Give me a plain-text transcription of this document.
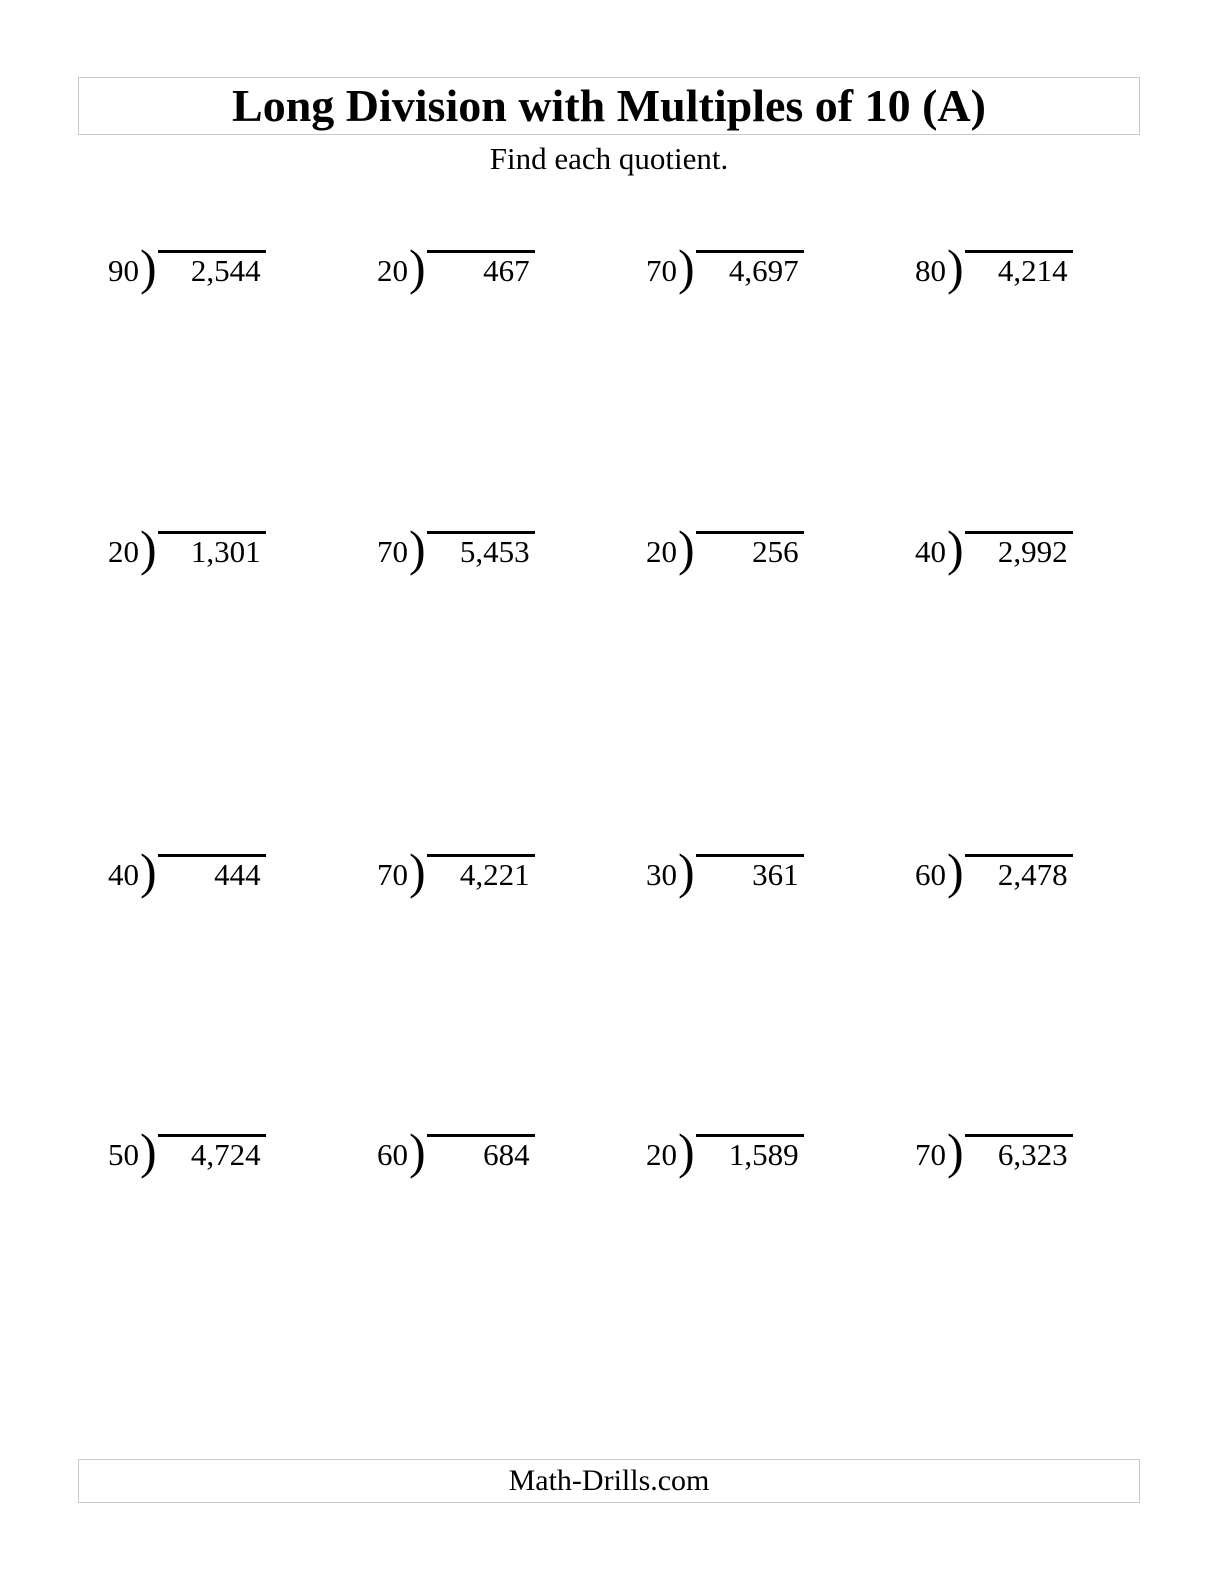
Long Division with Multiples of 10 (A)

Find each quotient.

90 )	2,544	20 )	467	70 )	4,697	80 )	4,214
20 )	1,301	70 )	5,453	20 )	256	40 )	2,992
40 )	444	70 )	4,221	30 )	361	60 )	2,478
50 )	4,724	60 )	684	20 )	1,589	70 )	6,323
Math-Drills.com
